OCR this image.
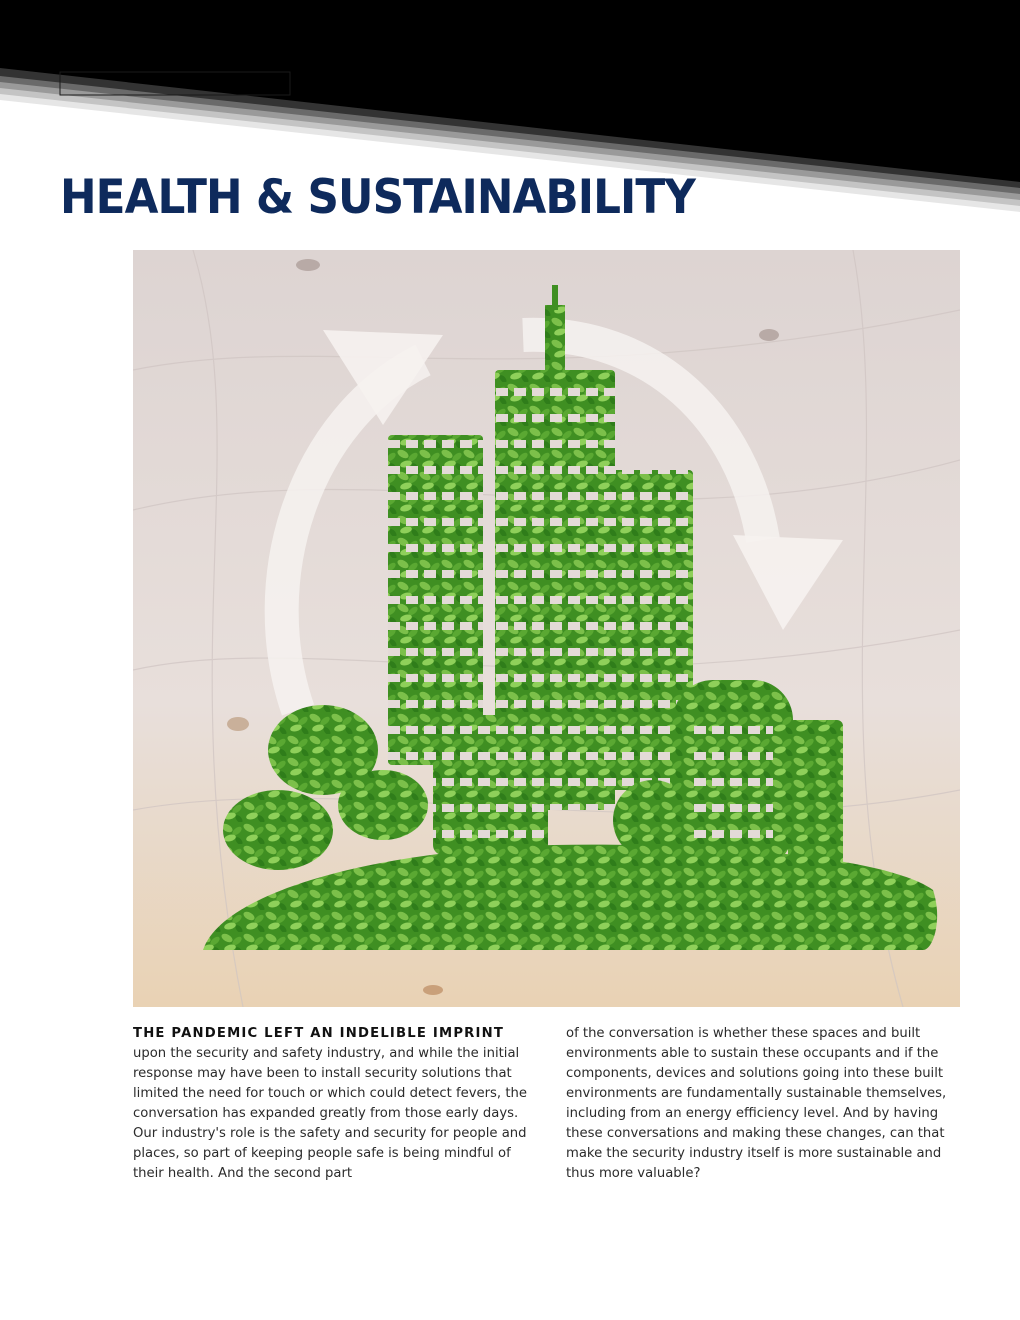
HEALTH & SUSTAINABILITY

THE PANDEMIC LEFT AN INDELIBLE IMPRINT upon the security and safety industry, and while the initial response may have been to install security solutions that limited the need for touch or which could detect fevers, the conversation has expanded greatly from those early days. Our industry's role is the safety and security for people and places, so part of keeping people safe is being mindful of their health. And the second part

of the conversation is whether these spaces and built environments able to sustain these occupants and if the components, devices and solutions going into these built environments are fundamentally sustainable themselves, including from an energy efficiency level. And by having these conversations and making these changes, can that make the security industry itself is more sustainable and thus more valuable?
